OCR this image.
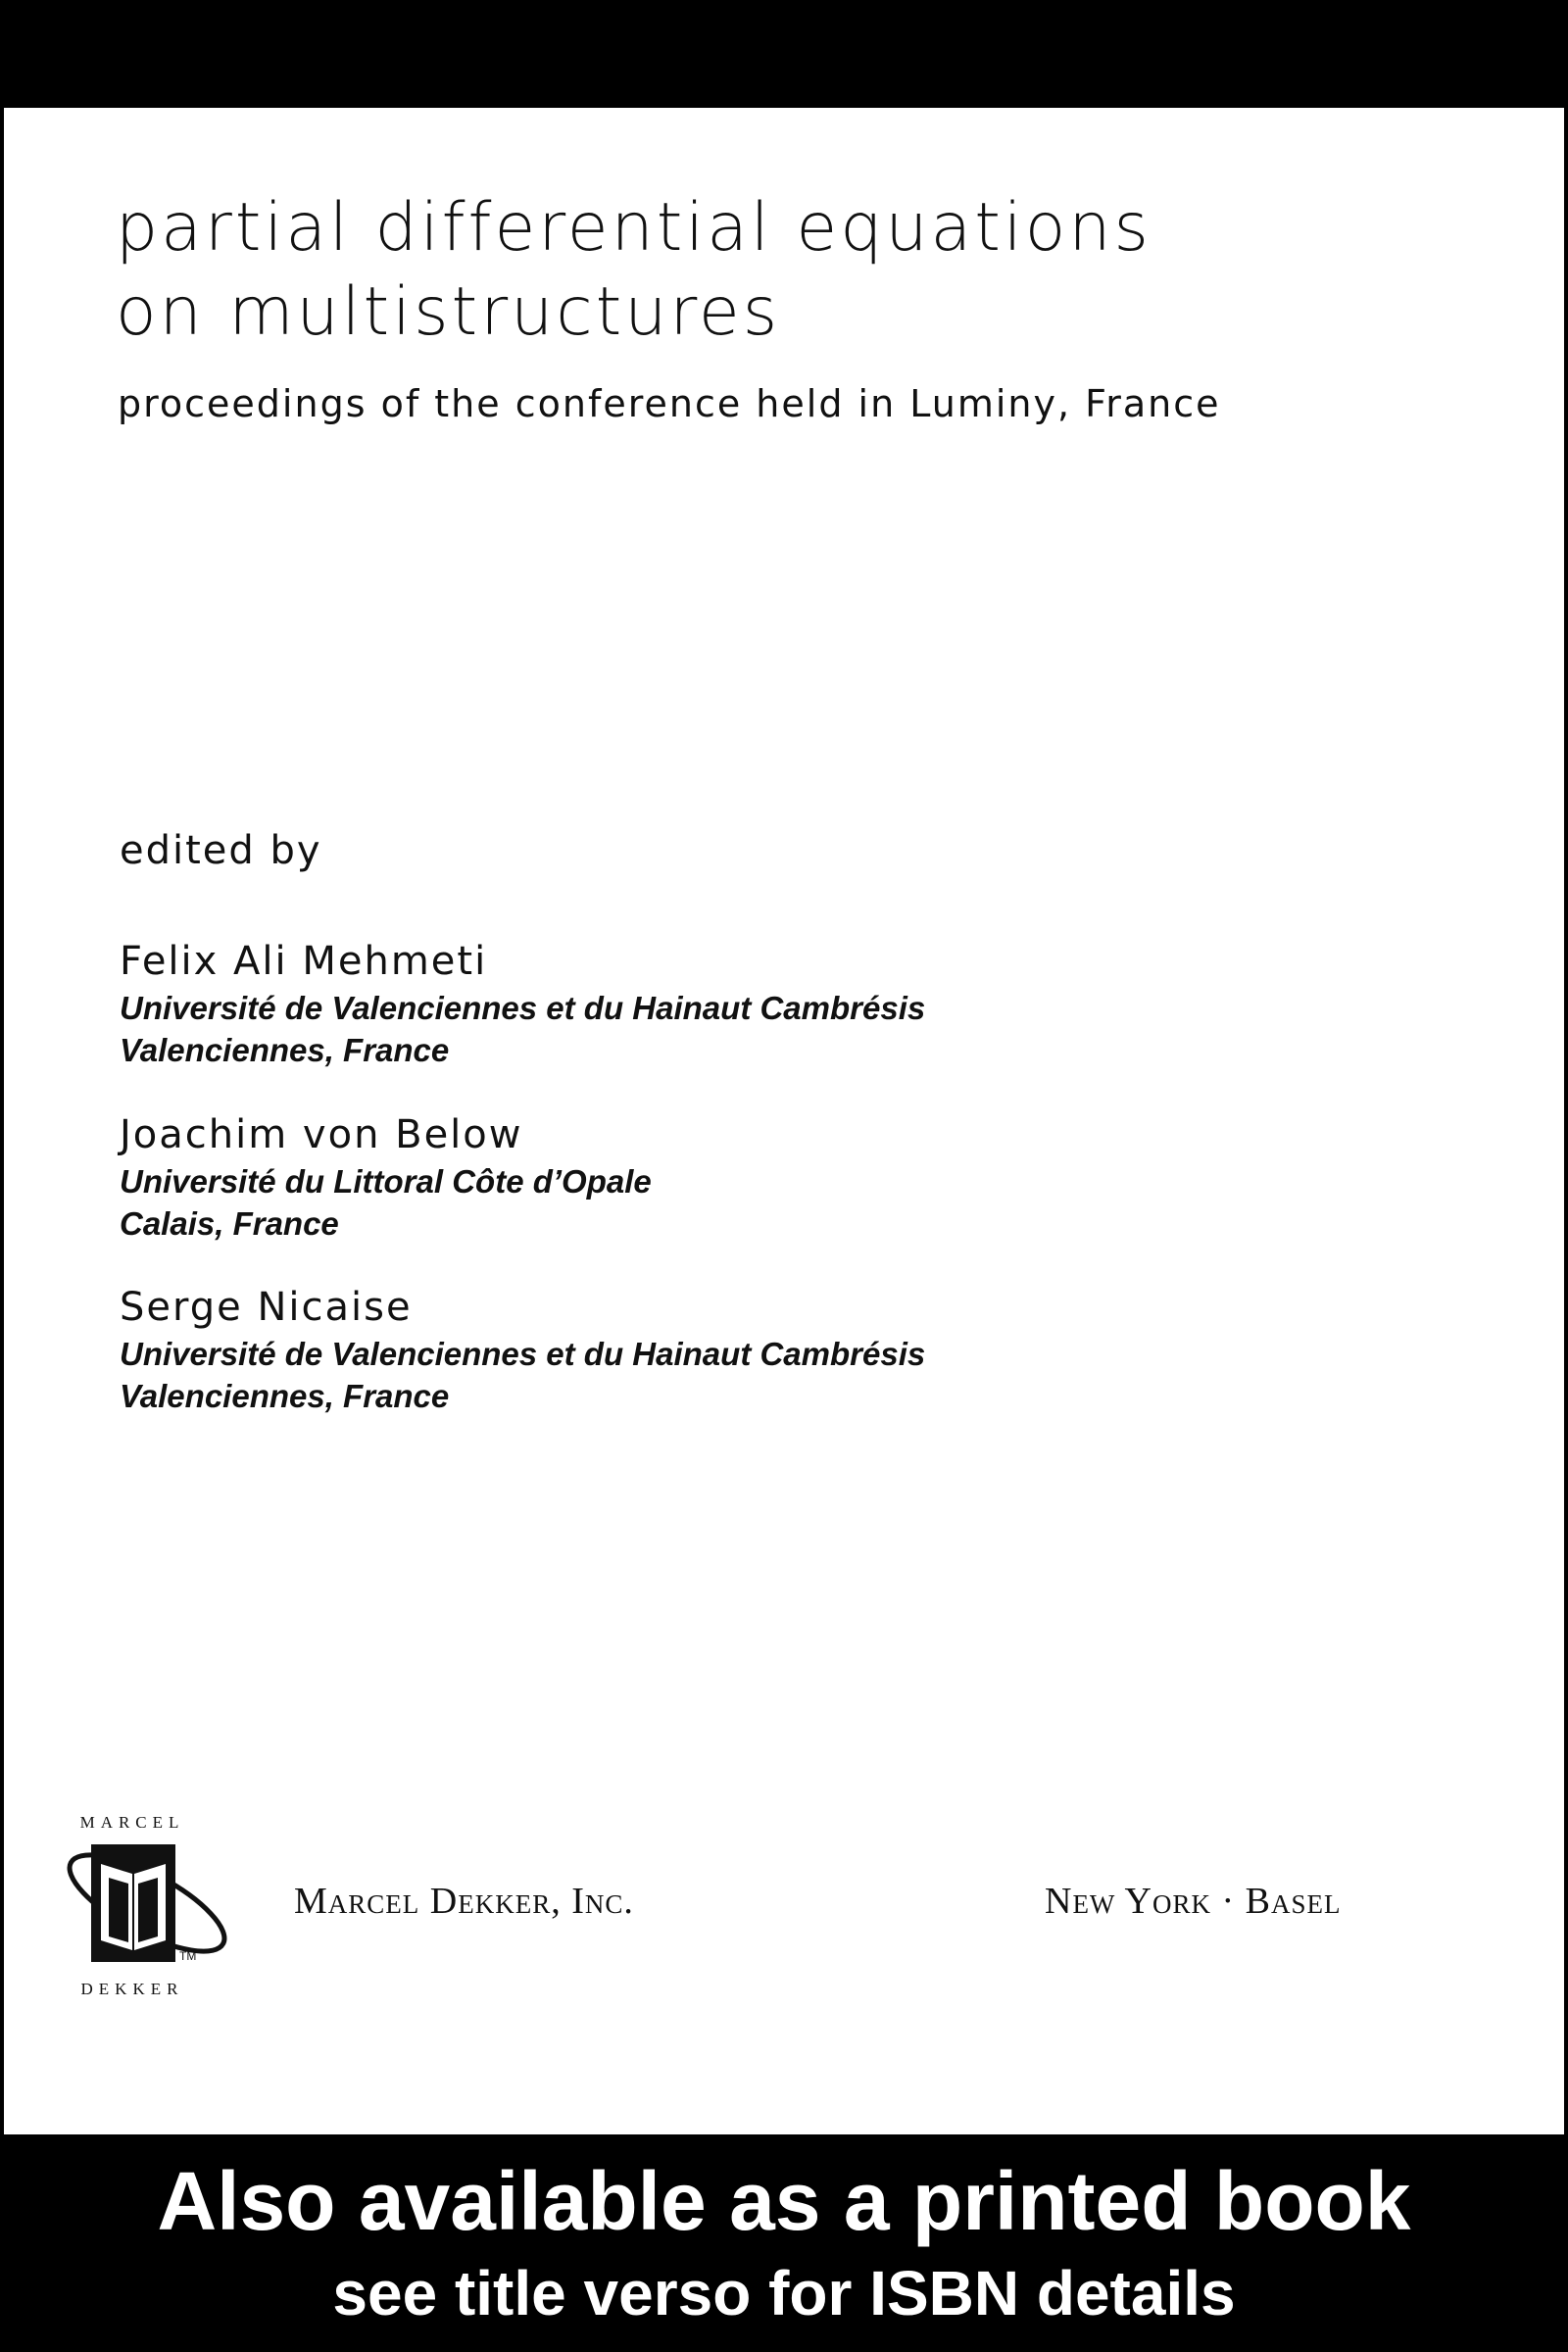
partial differential equations
on multistructures
proceedings of the conference held in Luminy, France
edited by
Felix Ali Mehmeti
Université de Valenciennes et du Hainaut Cambrésis
Valenciennes, France
Joachim von Below
Université du Littoral Côte d’Opale
Calais, France
Serge Nicaise
Université de Valenciennes et du Hainaut Cambrésis
Valenciennes, France
MARCEL
TM
DEKKER
Marcel Dekker, Inc.	New York · Basel
Also available as a printed book
see title verso for ISBN details
